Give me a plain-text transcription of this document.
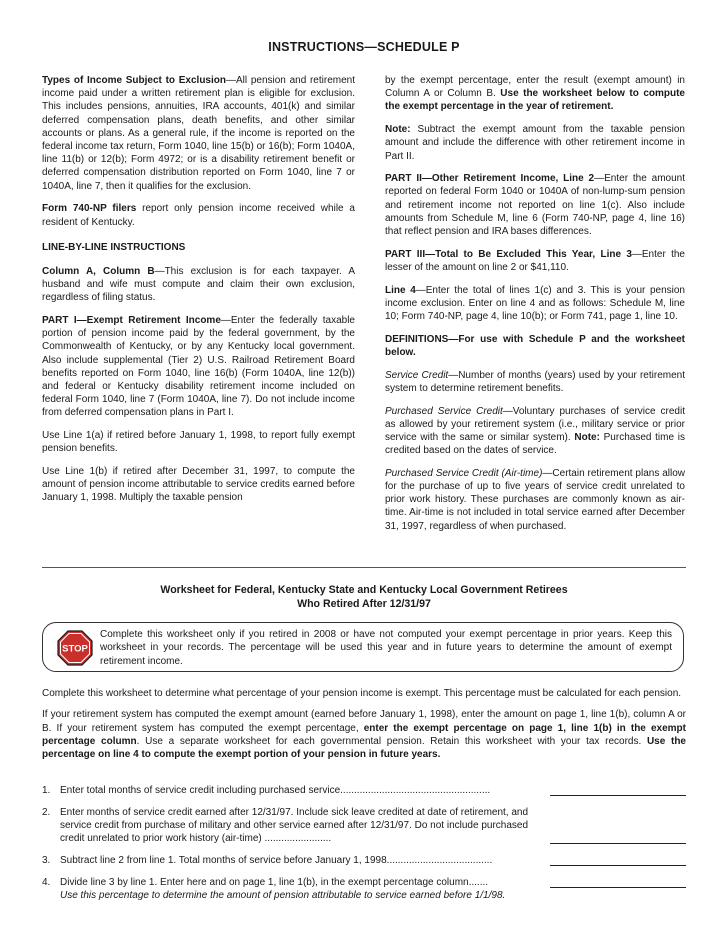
INSTRUCTIONS—SCHEDULE P

Types of Income Subject to Exclusion—All pension and retirement income paid under a written retirement plan is eligible for exclusion. This includes pensions, annuities, IRA accounts, 401(k) and similar deferred compensation plans, death benefits, and other similar accounts or plans. As a general rule, if the income is reported on the federal income tax return, Form 1040, line 15(b) or 16(b); Form 1040A, line 11(b) or 12(b); Form 4972; or is a disability retirement benefit or deferred compensation distribution reported on Form 1040, line 7 or 1040A, line 7, then it qualifies for the exclusion.

Form 740-NP filers report only pension income received while a resident of Kentucky.

LINE-BY-LINE INSTRUCTIONS

Column A, Column B—This exclusion is for each taxpayer. A husband and wife must compute and claim their own exclusion, regardless of filing status.

PART I—Exempt Retirement Income—Enter the federally taxable portion of pension income paid by the federal government, by the Commonwealth of Kentucky, or by any Kentucky local government. Also include supplemental (Tier 2) U.S. Railroad Retirement Board benefits reported on Form 1040, line 16(b) (Form 1040A, line 12(b)) and federal or Kentucky disability retirement income included on federal Form 1040, line 7 (Form 1040A, line 7). Do not include income from deferred compensation plans in Part I.

Use Line 1(a) if retired before January 1, 1998, to report fully exempt pension benefits.

Use Line 1(b) if retired after December 31, 1997, to compute the amount of pension income attributable to service credits earned before January 1, 1998. Multiply the taxable pension

by the exempt percentage, enter the result (exempt amount) in Column A or Column B. Use the worksheet below to compute the exempt percentage in the year of retirement.

Note: Subtract the exempt amount from the taxable pension amount and include the difference with other retirement income in Part II.

PART II—Other Retirement Income, Line 2—Enter the amount reported on federal Form 1040 or 1040A of non-lump-sum pension and retirement income not reported on line 1(c). Also include amounts from Schedule M, line 6 (Form 740-NP, page 4, line 16) that reflect pension and IRA bases differences.

PART III—Total to Be Excluded This Year, Line 3—Enter the lesser of the amount on line 2 or $41,110.

Line 4—Enter the total of lines 1(c) and 3. This is your pension income exclusion. Enter on line 4 and as follows: Schedule M, line 10; Form 740-NP, page 4, line 10(b); or Form 741, page 1, line 10.

DEFINITIONS—For use with Schedule P and the worksheet below.

Service Credit—Number of months (years) used by your retirement system to determine retirement benefits.

Purchased Service Credit—Voluntary purchases of service credit as allowed by your retirement system (i.e., military service or prior service with the same or similar system). Note: Purchased time is credited based on the dates of service.

Purchased Service Credit (Air-time)—Certain retirement plans allow for the purchase of up to five years of service credit unrelated to prior work history. These purchases are commonly known as air-time. Air-time is not included in total service earned after December 31, 1997, regardless of when purchased.

Worksheet for Federal, Kentucky State and Kentucky Local Government Retirees
Who Retired After 12/31/97
STOP
Complete this worksheet only if you retired in 2008 or have not computed your exempt percentage in prior years. Keep this worksheet in your records. The percentage will be used this year and in future years to determine the amount of exempt retirement income.

Complete this worksheet to determine what percentage of your pension income is exempt. This percentage must be calculated for each pension.

If your retirement system has computed the exempt amount (earned before January 1, 1998), enter the amount on page 1, line 1(b), column A or B. If your retirement system has computed the exempt percentage, enter the exempt percentage on page 1, line 1(b) in the exempt percentage column. Use a separate worksheet for each governmental pension. Retain this worksheet with your tax records. Use the percentage on line 4 to compute the exempt portion of your pension in future years.

1. Enter total months of service credit including purchased service......................................................
2. Enter months of service credit earned after 12/31/97. Include sick leave credited at date of retirement, and service credit from purchase of military and other service earned after 12/31/97. Do not include purchased credit unrelated to prior work history (air-time) ........................
3. Subtract line 2 from line 1. Total months of service before January 1, 1998......................................
4. Divide line 3 by line 1. Enter here and on page 1, line 1(b), in the exempt percentage column.......
Use this percentage to determine the amount of pension attributable to service earned before 1/1/98.
